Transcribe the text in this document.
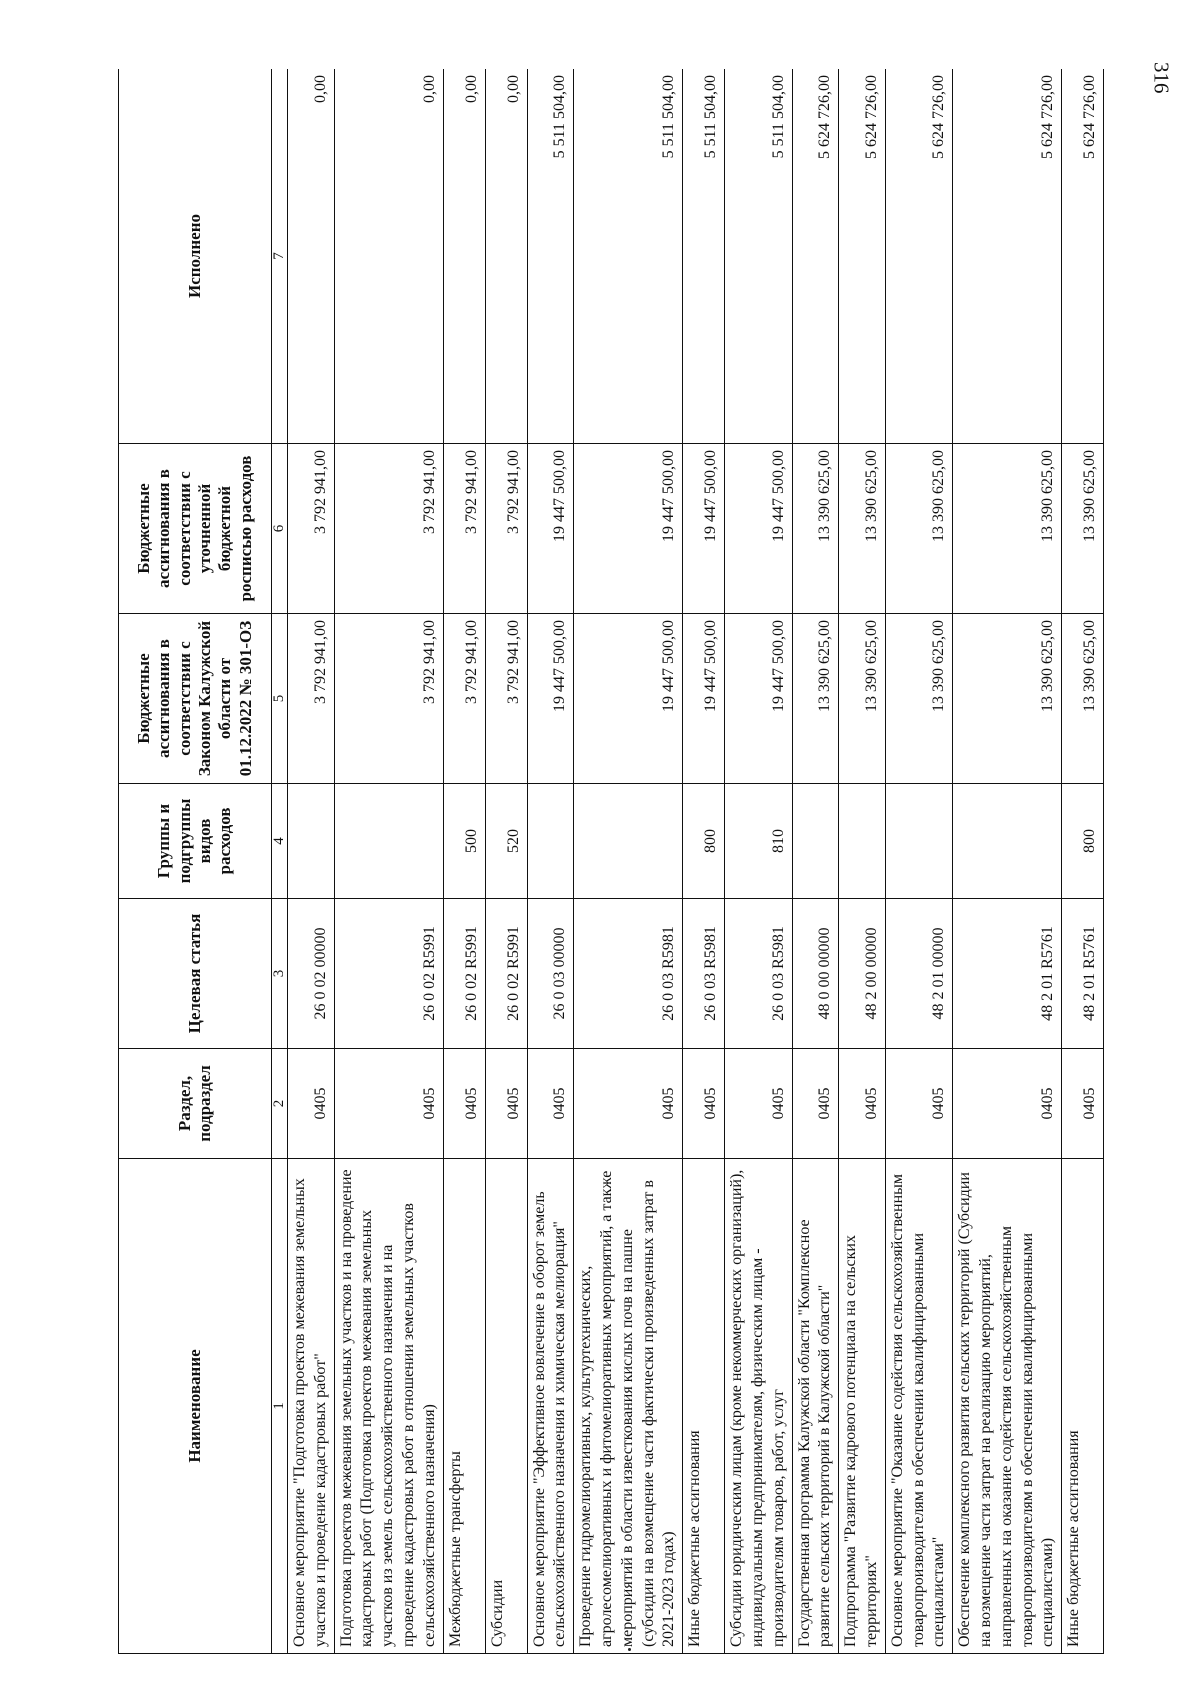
316
Наименование	Раздел, подраздел	Целевая статья	Группы и подгруппы видов расходов	Бюджетные ассигнования в соответствии с Законом Калужской области от 01.12.2022 № 301-ОЗ	Бюджетные ассигнования в соответствии с уточненной бюджетной росписью расходов	Исполнено
1	2	3	4	5	6	7
Основное мероприятие "Подготовка проектов межевания земельных участков и проведение кадастровых работ"	0405	26 0 02 00000		3 792 941,00	3 792 941,00	0,00
Подготовка проектов межевания земельных участков и на проведение кадастровых работ (Подготовка проектов межевания земельных участков из земель сельскохозяйственного назначения и на проведение кадастровых работ в отношении земельных участков сельскохозяйственного назначения)	0405	26 0 02 R5991		3 792 941,00	3 792 941,00	0,00
Межбюджетные трансферты	0405	26 0 02 R5991	500	3 792 941,00	3 792 941,00	0,00
Субсидии	0405	26 0 02 R5991	520	3 792 941,00	3 792 941,00	0,00
Основное мероприятие "Эффективное вовлечение в оборот земель сельскохозяйственного назначения и химическая мелиорация"	0405	26 0 03 00000		19 447 500,00	19 447 500,00	5 511 504,00
Проведение гидромелиоративных, культуртехнических, агролесомелиоративных и фитомелиоративных мероприятий, а также мероприятий в области известкования кислых почв на пашне (субсидии на возмещение части фактически произведенных затрат в 2021-2023 годах)	0405	26 0 03 R5981		19 447 500,00	19 447 500,00	5 511 504,00
Иные бюджетные ассигнования	0405	26 0 03 R5981	800	19 447 500,00	19 447 500,00	5 511 504,00
Субсидии юридическим лицам (кроме некоммерческих организаций), индивидуальным предпринимателям, физическим лицам - производителям товаров, работ, услуг	0405	26 0 03 R5981	810	19 447 500,00	19 447 500,00	5 511 504,00
Государственная программа Калужской области "Комплексное развитие сельских территорий в Калужской области"	0405	48 0 00 00000		13 390 625,00	13 390 625,00	5 624 726,00
Подпрограмма "Развитие кадрового потенциала на сельских территориях"	0405	48 2 00 00000		13 390 625,00	13 390 625,00	5 624 726,00
Основное мероприятие "Оказание содействия сельскохозяйственным товаропроизводителям в обеспечении квалифицированными специалистами"	0405	48 2 01 00000		13 390 625,00	13 390 625,00	5 624 726,00
Обеспечение комплексного развития сельских территорий (Субсидии на возмещение части затрат на реализацию мероприятий, направленных на оказание содействия сельскохозяйственным товаропроизводителям в обеспечении квалифицированными специалистами)	0405	48 2 01 R5761		13 390 625,00	13 390 625,00	5 624 726,00
Иные бюджетные ассигнования	0405	48 2 01 R5761	800	13 390 625,00	13 390 625,00	5 624 726,00
